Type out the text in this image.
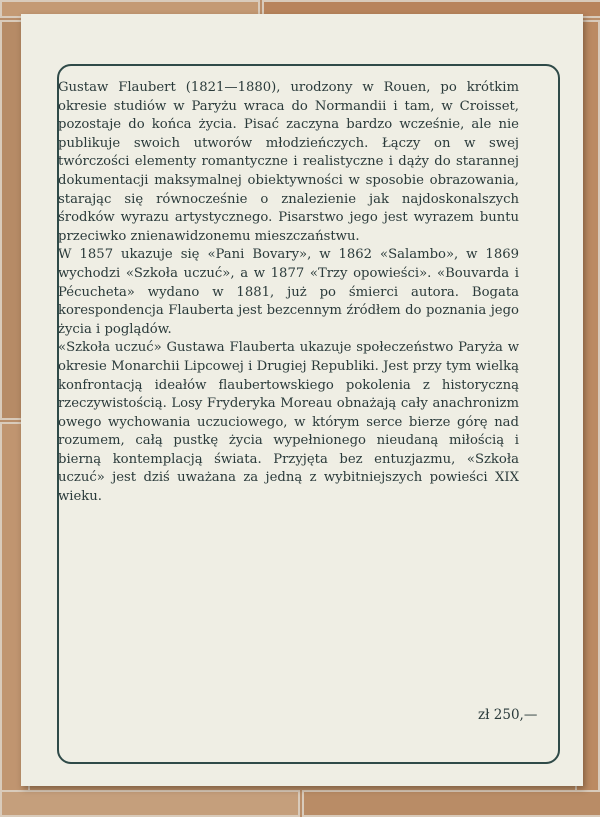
Gustaw Flaubert (1821—1880), urodzony w Rouen, po krótkim okresie studiów w Paryżu wraca do Normandii i tam, w Croisset, pozostaje do końca życia. Pisać zaczyna bardzo wcześnie, ale nie publikuje swoich utworów młodzieńczych. Łączy on w swej twórczości elementy romantyczne i realistyczne i dąży do starannej dokumentacji maksymalnej obiektywności w sposobie obrazowania, starając się równocześnie o znalezienie jak najdoskonalszych środków wyrazu artystycznego. Pisarstwo jego jest wyrazem buntu przeciwko znienawidzonemu mieszczaństwu.

W 1857 ukazuje się «Pani Bovary», w 1862 «Salambo», w 1869 wychodzi «Szkoła uczuć», a w 1877 «Trzy opowieści». «Bouvarda i Pécucheta» wydano w 1881, już po śmierci autora. Bogata korespondencja Flauberta jest bezcennym źródłem do poznania jego życia i poglądów.

«Szkoła uczuć» Gustawa Flauberta ukazuje społeczeństwo Paryża w okresie Monarchii Lipcowej i Drugiej Republiki. Jest przy tym wielką konfrontacją ideałów flaubertowskiego pokolenia z historyczną rzeczywistością. Losy Fryderyka Moreau obnażają cały anachronizm owego wychowania uczuciowego, w którym serce bierze górę nad rozumem, całą pustkę życia wypełnionego nieudaną miłością i bierną kontemplacją świata. Przyjęta bez entuzjazmu, «Szkoła uczuć» jest dziś uważana za jedną z wybitniejszych powieści XIX wieku.

zł 250,—
